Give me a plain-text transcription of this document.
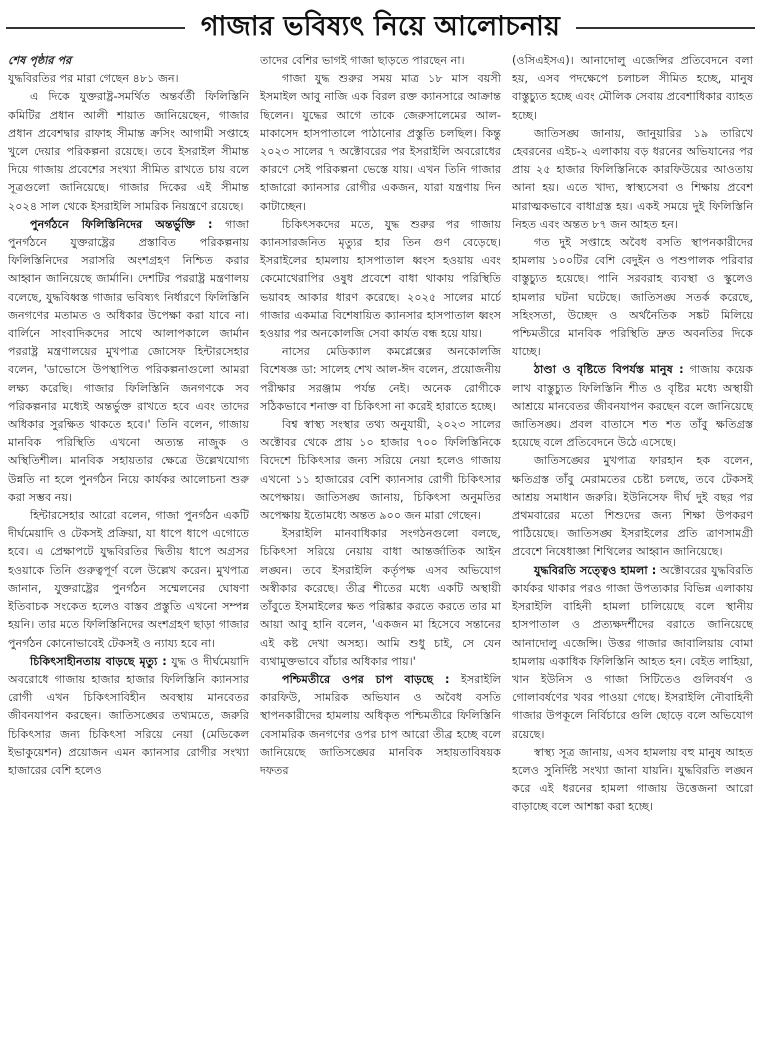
গাজার ভবিষ্যৎ নিয়ে আলোচনায়

শেষ পৃষ্ঠার পর

যুদ্ধবিরতির পর মারা গেছেন ৪৮১ জন।

এ দিকে যুক্তরাষ্ট্র-সমর্থিত অন্তর্বর্তী ফিলিস্তিনি কমিটির প্রধান আলী শায়াত জানিয়েছেন, গাজার প্রধান প্রবেশদ্বার রাফাহ সীমান্ত ক্রসিং আগামী সপ্তাহে খুলে দেয়ার পরিকল্পনা রয়েছে। তবে ইসরাইল সীমান্ত দিয়ে গাজায় প্রবেশের সংখ্যা সীমিত রাখতে চায় বলে সূত্রগুলো জানিয়েছে। গাজার দিকের এই সীমান্ত ২০২৪ সাল থেকে ইসরাইলি সামরিক নিয়ন্ত্রণে রয়েছে।

পুনর্গঠনে ফিলিস্তিনিদের অন্তর্ভুক্তি : গাজা পুনর্গঠনে যুক্তরাষ্ট্রের প্রস্তাবিত পরিকল্পনায় ফিলিস্তিনিদের সরাসরি অংশগ্রহণ নিশ্চিত করার আহ্বান জানিয়েছে জার্মানি। দেশটির পররাষ্ট্র মন্ত্রণালয় বলেছে, যুদ্ধবিধ্বস্ত গাজার ভবিষ্যৎ নির্ধারণে ফিলিস্তিনি জনগণের মতামত ও অধিকার উপেক্ষা করা যাবে না। বার্লিনে সাংবাদিকদের সাথে আলাপকালে জার্মান পররাষ্ট্র মন্ত্রণালয়ের মুখপাত্র জোসেফ হিন্টারসেহার বলেন, 'ডাভোসে উপস্থাপিত পরিকল্পনাগুলো আমরা লক্ষ্য করেছি। গাজার ফিলিস্তিনি জনগণকে সব পরিকল্পনার মধ্যেই অন্তর্ভুক্ত রাখতে হবে এবং তাদের অধিকার সুরক্ষিত থাকতে হবে।' তিনি বলেন, গাজায় মানবিক পরিস্থিতি এখনো অত্যন্ত নাজুক ও অস্থিতিশীল। মানবিক সহায়তার ক্ষেত্রে উল্লেখযোগ্য উন্নতি না হলে পুনর্গঠন নিয়ে কার্যকর আলোচনা শুরু করা সম্ভব নয়।

হিন্টারসেহার আরো বলেন, গাজা পুনর্গঠন একটি দীর্ঘমেয়াদি ও টেকসই প্রক্রিয়া, যা ধাপে ধাপে এগোতে হবে। এ প্রেক্ষাপটে যুদ্ধবিরতির দ্বিতীয় ধাপে অগ্রসর হওয়াকে তিনি গুরুত্বপূর্ণ বলে উল্লেখ করেন। মুখপাত্র জানান, যুক্তরাষ্ট্রের পুনর্গঠন সম্মেলনের ঘোষণা ইতিবাচক সংকেত হলেও বাস্তব প্রস্তুতি এখনো সম্পন্ন হয়নি। তার মতে ফিলিস্তিনিদের অংশগ্রহণ ছাড়া গাজার পুনর্গঠন কোনোভাবেই টেকসই ও ন্যায্য হবে না।

চিকিৎসাহীনতায় বাড়ছে মৃত্যু : যুদ্ধ ও দীর্ঘমেয়াদি অবরোধে গাজায় হাজার হাজার ফিলিস্তিনি ক্যানসার রোগী এখন চিকিৎসাবিহীন অবস্থায় মানবেতর জীবনযাপন করছেন। জাতিসঙ্ঘের তথ্যমতে, জরুরি চিকিৎসার জন্য চিকিৎসা সরিয়ে নেয়া (মেডিকেল ইভাকুয়েশন) প্রয়োজন এমন ক্যানসার রোগীর সংখ্যা হাজারের বেশি হলেও

তাদের বেশির ভাগই গাজা ছাড়তে পারছেন না।

গাজা যুদ্ধ শুরুর সময় মাত্র ১৮ মাস বয়সী ইসমাইল আবু নাজি এক বিরল রক্ত ক্যানসারে আক্রান্ত ছিলেন। যুদ্ধের আগে তাকে জেরুসালেমের আল-মাকাসেদ হাসপাতালে পাঠানোর প্রস্তুতি চলছিল। কিন্তু ২০২৩ সালের ৭ অক্টোবরের পর ইসরাইলি অবরোধের কারণে সেই পরিকল্পনা ভেস্তে যায়। এখন তিনি গাজার হাজারো ক্যানসার রোগীর একজন, যারা যন্ত্রণায় দিন কাটাচ্ছেন।

চিকিৎসকদের মতে, যুদ্ধ শুরুর পর গাজায় ক্যানসারজনিত মৃত্যুর হার তিন গুণ বেড়েছে। ইসরাইলের হামলায় হাসপাতাল ধ্বংস হওয়ায় এবং কেমোথেরাপির ওষুধ প্রবেশে বাধা থাকায় পরিস্থিতি ভয়াবহ আকার ধারণ করেছে। ২০২৫ সালের মার্চে গাজার একমাত্র বিশেষায়িত ক্যানসার হাসপাতাল ধ্বংস হওয়ার পর অনকোলজি সেবা কার্যত বন্ধ হয়ে যায়।

নাসের মেডিক্যাল কমপ্লেক্সের অনকোলজি বিশেষজ্ঞ ডা: সালেহ শেখ আল-ঈদ বলেন, প্রয়োজনীয় পরীক্ষার সরঞ্জাম পর্যন্ত নেই। অনেক রোগীকে সঠিকভাবে শনাক্ত বা চিকিৎসা না করেই হারাতে হচ্ছে।

বিশ্ব স্বাস্থ্য সংস্থার তথ্য অনুযায়ী, ২০২৩ সালের অক্টোবর থেকে প্রায় ১০ হাজার ৭০০ ফিলিস্তিনিকে বিদেশে চিকিৎসার জন্য সরিয়ে নেয়া হলেও গাজায় এখনো ১১ হাজারের বেশি ক্যানসার রোগী চিকিৎসার অপেক্ষায়। জাতিসঙ্ঘ জানায়, চিকিৎসা অনুমতির অপেক্ষায় ইতোমধ্যে অন্তত ৯০০ জন মারা গেছেন।

ইসরাইলি মানবাধিকার সংগঠনগুলো বলছে, চিকিৎসা সরিয়ে নেয়ায় বাধা আন্তর্জাতিক আইন লঙ্ঘন। তবে ইসরাইলি কর্তৃপক্ষ এসব অভিযোগ অস্বীকার করেছে। তীব্র শীতের মধ্যে একটি অস্থায়ী তাঁবুতে ইসমাইলের ক্ষত পরিষ্কার করতে করতে তার মা আয়া আবু হানি বলেন, 'একজন মা হিসেবে সন্তানের এই কষ্ট দেখা অসহ্য। আমি শুধু চাই, সে যেন ব্যথামুক্তভাবে বাঁচার অধিকার পায়।'

পশ্চিমতীরে ওপর চাপ বাড়ছে : ইসরাইলি কারফিউ, সামরিক অভিযান ও অবৈধ বসতি স্থাপনকারীদের হামলায় অধিকৃত পশ্চিমতীরে ফিলিস্তিনি বেসামরিক জনগণের ওপর চাপ আরো তীব্র হচ্ছে বলে জানিয়েছে জাতিসঙ্ঘের মানবিক সহায়তাবিষয়ক দফতর

(ওসিএইসএ)। আনাদোলু এজেন্সির প্রতিবেদনে বলা হয়, এসব পদক্ষেপে চলাচল সীমিত হচ্ছে, মানুষ বাস্তুচ্যুত হচ্ছে এবং মৌলিক সেবায় প্রবেশাধিকার ব্যাহত হচ্ছে।

জাতিসঙ্ঘ জানায়, জানুয়ারির ১৯ তারিখে হেবরনের এইচ-২ এলাকায় বড় ধরনের অভিযানের পর প্রায় ২৫ হাজার ফিলিস্তিনিকে কারফিউয়ের আওতায় আনা হয়। এতে খাদ্য, স্বাস্থ্যসেবা ও শিক্ষায় প্রবেশ মারাত্মকভাবে বাধাগ্রস্ত হয়। একই সময়ে দুই ফিলিস্তিনি নিহত এবং অন্তত ৮৭ জন আহত হন।

গত দুই সপ্তাহে অবৈধ বসতি স্থাপনকারীদের হামলায় ১০০টির বেশি বেদুইন ও পশুপালক পরিবার বাস্তুচ্যুত হয়েছে। পানি সরবরাহ ব্যবস্থা ও স্কুলেও হামলার ঘটনা ঘটেছে। জাতিসঙ্ঘ সতর্ক করেছে, সহিংসতা, উচ্ছেদ ও অর্থনৈতিক সঙ্কট মিলিয়ে পশ্চিমতীরে মানবিক পরিস্থিতি দ্রুত অবনতির দিকে যাচ্ছে।

ঠাণ্ডা ও বৃষ্টিতে বিপর্যস্ত মানুষ : গাজায় কয়েক লাখ বাস্তুচ্যুত ফিলিস্তিনি শীত ও বৃষ্টির মধ্যে অস্থায়ী আশ্রয়ে মানবেতর জীবনযাপন করছেন বলে জানিয়েছে জাতিসঙ্ঘ। প্রবল বাতাসে শত শত তাঁবু ক্ষতিগ্রস্ত হয়েছে বলে প্রতিবেদনে উঠে এসেছে।

জাতিসঙ্ঘের মুখপাত্র ফারহান হক বলেন, ক্ষতিগ্রস্ত তাঁবু মেরামতের চেষ্টা চলছে, তবে টেকসই আশ্রয় সমাধান জরুরি। ইউনিসেফ দীর্ঘ দুই বছর পর প্রথমবারের মতো শিশুদের জন্য শিক্ষা উপকরণ পাঠিয়েছে। জাতিসঙ্ঘ ইসরাইলের প্রতি ত্রাণসামগ্রী প্রবেশে নিষেধাজ্ঞা শিথিলের আহ্বান জানিয়েছে।

যুদ্ধবিরতি সত্ত্বেও হামলা : অক্টোবরের যুদ্ধবিরতি কার্যকর থাকার পরও গাজা উপত্যকার বিভিন্ন এলাকায় ইসরাইলি বাহিনী হামলা চালিয়েছে বলে স্থানীয় হাসপাতাল ও প্রত্যক্ষদর্শীদের বরাতে জানিয়েছে আনাদোলু এজেন্সি। উত্তর গাজার জাবালিয়ায় বোমা হামলায় একাধিক ফিলিস্তিনি আহত হন। বেইত লাহিয়া, খান ইউনিস ও গাজা সিটিতেও গুলিবর্ষণ ও গোলাবর্ষণের খবর পাওয়া গেছে। ইসরাইলি নৌবাহিনী গাজার উপকূলে নির্বিচারে গুলি ছোড়ে বলে অভিযোগ রয়েছে।

স্বাস্থ্য সূত্র জানায়, এসব হামলায় বহু মানুষ আহত হলেও সুনির্দিষ্ট সংখ্যা জানা যায়নি। যুদ্ধবিরতি লঙ্ঘন করে এই ধরনের হামলা গাজায় উত্তেজনা আরো বাড়াচ্ছে বলে আশঙ্কা করা হচ্ছে।
